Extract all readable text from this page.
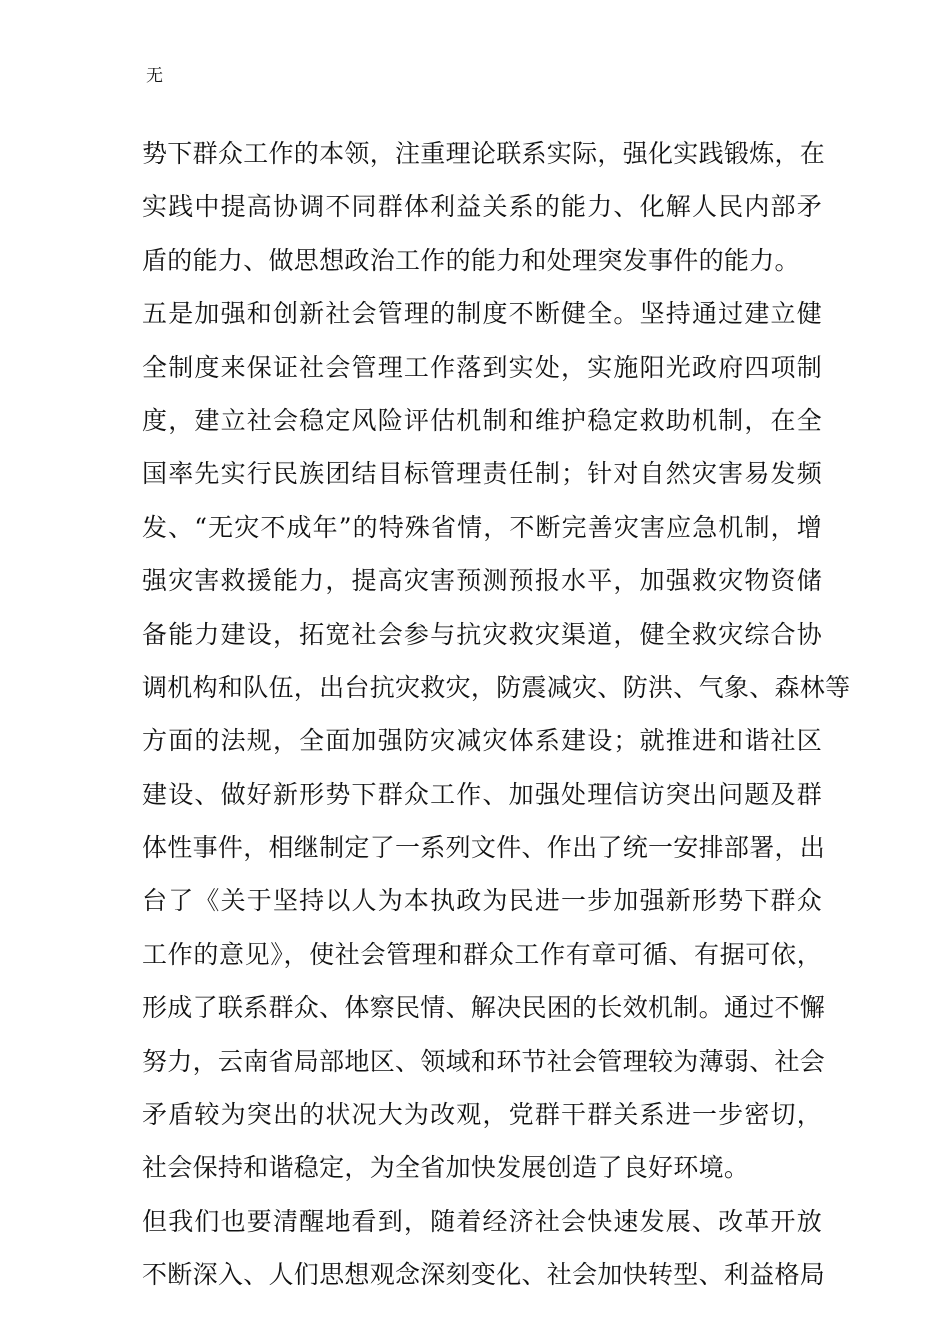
无
势下群众工作的本领，注重理论联系实际，强化实践锻炼，在
实践中提高协调不同群体利益关系的能力、化解人民内部矛
盾的能力、做思想政治工作的能力和处理突发事件的能力。
五是加强和创新社会管理的制度不断健全。坚持通过建立健
全制度来保证社会管理工作落到实处，实施阳光政府四项制
度，建立社会稳定风险评估机制和维护稳定救助机制，在全
国率先实行民族团结目标管理责任制；针对自然灾害易发频
发、“无灾不成年”的特殊省情，不断完善灾害应急机制，增
强灾害救援能力，提高灾害预测预报水平，加强救灾物资储
备能力建设，拓宽社会参与抗灾救灾渠道，健全救灾综合协
调机构和队伍，出台抗灾救灾，防震减灾、防洪、气象、森林等
方面的法规，全面加强防灾减灾体系建设；就推进和谐社区
建设、做好新形势下群众工作、加强处理信访突出问题及群
体性事件，相继制定了一系列文件、作出了统一安排部署，出
台了《关于坚持以人为本执政为民进一步加强新形势下群众
工作的意见》，使社会管理和群众工作有章可循、有据可依，
形成了联系群众、体察民情、解决民困的长效机制。通过不懈
努力，云南省局部地区、领域和环节社会管理较为薄弱、社会
矛盾较为突出的状况大为改观，党群干群关系进一步密切，
社会保持和谐稳定，为全省加快发展创造了良好环境。
但我们也要清醒地看到，随着经济社会快速发展、改革开放
不断深入、人们思想观念深刻变化、社会加快转型、利益格局
